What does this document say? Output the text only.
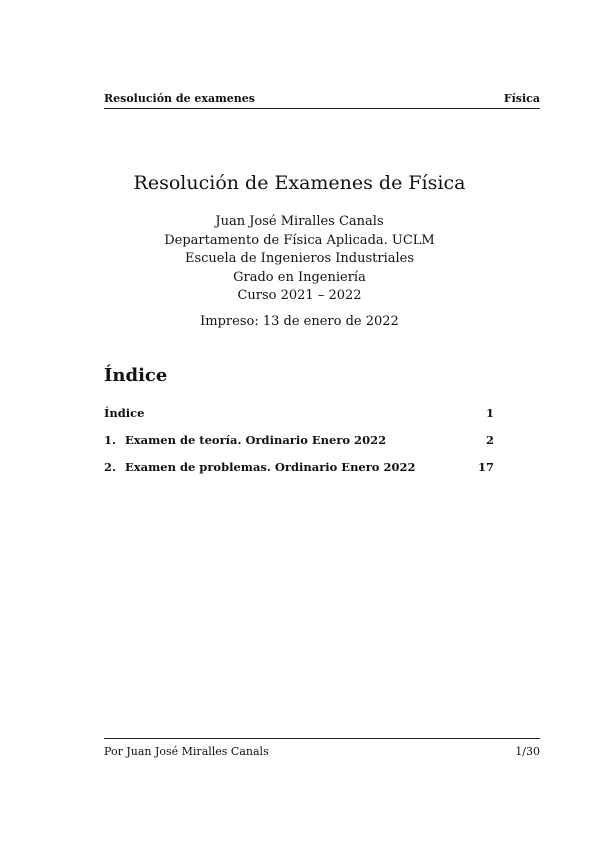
Resolución de examenes	Física
Resolución de Examenes de Física
Juan José Miralles Canals
Departamento de Física Aplicada. UCLM
Escuela de Ingenieros Industriales
Grado en Ingeniería
Curso 2021 – 2022
Impreso: 13 de enero de 2022
Índice
Índice	1
1. Examen de teoría. Ordinario Enero 2022	2
2. Examen de problemas. Ordinario Enero 2022	17
Por Juan José Miralles Canals	1/30
